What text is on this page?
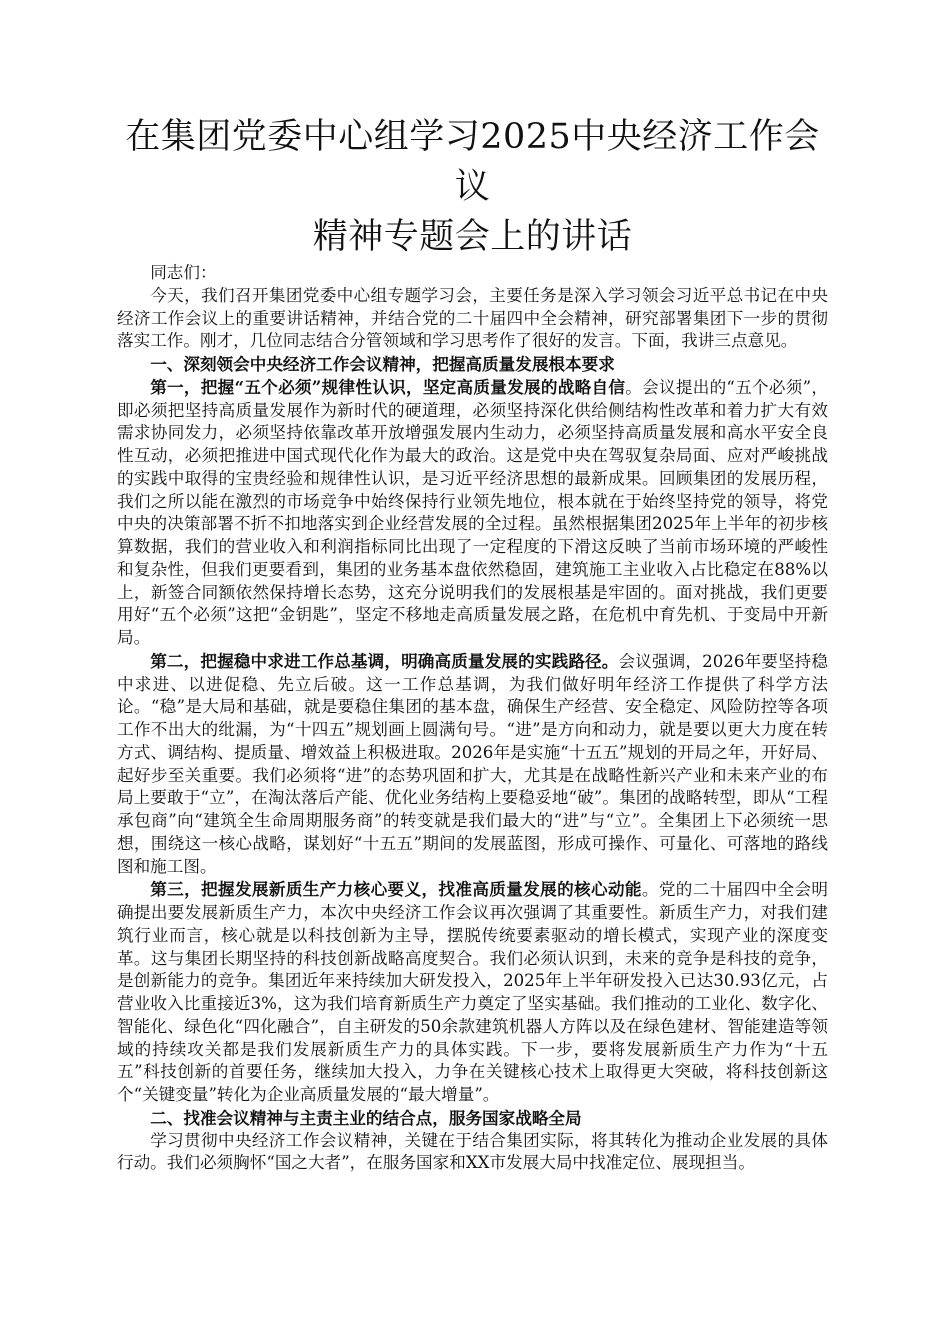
在集团党委中心组学习2025中央经济工作会议
精神专题会上的讲话

同志们：

今天，我们召开集团党委中心组专题学习会，主要任务是深入学习领会习近平总书记在中央经济工作会议上的重要讲话精神，并结合党的二十届四中全会精神，研究部署集团下一步的贯彻落实工作。刚才，几位同志结合分管领域和学习思考作了很好的发言。下面，我讲三点意见。

一、深刻领会中央经济工作会议精神，把握高质量发展根本要求

第一，把握“五个必须”规律性认识，坚定高质量发展的战略自信。会议提出的“五个必须”，即必须把坚持高质量发展作为新时代的硬道理，必须坚持深化供给侧结构性改革和着力扩大有效需求协同发力，必须坚持依靠改革开放增强发展内生动力，必须坚持高质量发展和高水平安全良性互动，必须把推进中国式现代化作为最大的政治。这是党中央在驾驭复杂局面、应对严峻挑战的实践中取得的宝贵经验和规律性认识，是习近平经济思想的最新成果。回顾集团的发展历程，我们之所以能在激烈的市场竞争中始终保持行业领先地位，根本就在于始终坚持党的领导，将党中央的决策部署不折不扣地落实到企业经营发展的全过程。虽然根据集团2025年上半年的初步核算数据，我们的营业收入和利润指标同比出现了一定程度的下滑这反映了当前市场环境的严峻性和复杂性，但我们更要看到，集团的业务基本盘依然稳固，建筑施工主业收入占比稳定在88%以上，新签合同额依然保持增长态势，这充分说明我们的发展根基是牢固的。面对挑战，我们更要用好“五个必须”这把“金钥匙”，坚定不移地走高质量发展之路，在危机中育先机、于变局中开新局。

第二，把握稳中求进工作总基调，明确高质量发展的实践路径。会议强调，2026年要坚持稳中求进、以进促稳、先立后破。这一工作总基调，为我们做好明年经济工作提供了科学方法论。“稳”是大局和基础，就是要稳住集团的基本盘，确保生产经营、安全稳定、风险防控等各项工作不出大的纰漏，为“十四五”规划画上圆满句号。“进”是方向和动力，就是要以更大力度在转方式、调结构、提质量、增效益上积极进取。2026年是实施“十五五”规划的开局之年，开好局、起好步至关重要。我们必须将“进”的态势巩固和扩大，尤其是在战略性新兴产业和未来产业的布局上要敢于“立”，在淘汰落后产能、优化业务结构上要稳妥地“破”。集团的战略转型，即从“工程承包商”向“建筑全生命周期服务商”的转变就是我们最大的“进”与“立”。全集团上下必须统一思想，围绕这一核心战略，谋划好“十五五”期间的发展蓝图，形成可操作、可量化、可落地的路线图和施工图。

第三，把握发展新质生产力核心要义，找准高质量发展的核心动能。党的二十届四中全会明确提出要发展新质生产力，本次中央经济工作会议再次强调了其重要性。新质生产力，对我们建筑行业而言，核心就是以科技创新为主导，摆脱传统要素驱动的增长模式，实现产业的深度变革。这与集团长期坚持的科技创新战略高度契合。我们必须认识到，未来的竞争是科技的竞争，是创新能力的竞争。集团近年来持续加大研发投入，2025年上半年研发投入已达30.93亿元，占营业收入比重接近3%，这为我们培育新质生产力奠定了坚实基础。我们推动的工业化、数字化、智能化、绿色化“四化融合”，自主研发的50余款建筑机器人方阵以及在绿色建材、智能建造等领域的持续攻关都是我们发展新质生产力的具体实践。下一步，要将发展新质生产力作为“十五五”科技创新的首要任务，继续加大投入，力争在关键核心技术上取得更大突破，将科技创新这个“关键变量”转化为企业高质量发展的“最大增量”。

二、找准会议精神与主责主业的结合点，服务国家战略全局

学习贯彻中央经济工作会议精神，关键在于结合集团实际，将其转化为推动企业发展的具体行动。我们必须胸怀“国之大者”，在服务国家和XX市发展大局中找准定位、展现担当。
